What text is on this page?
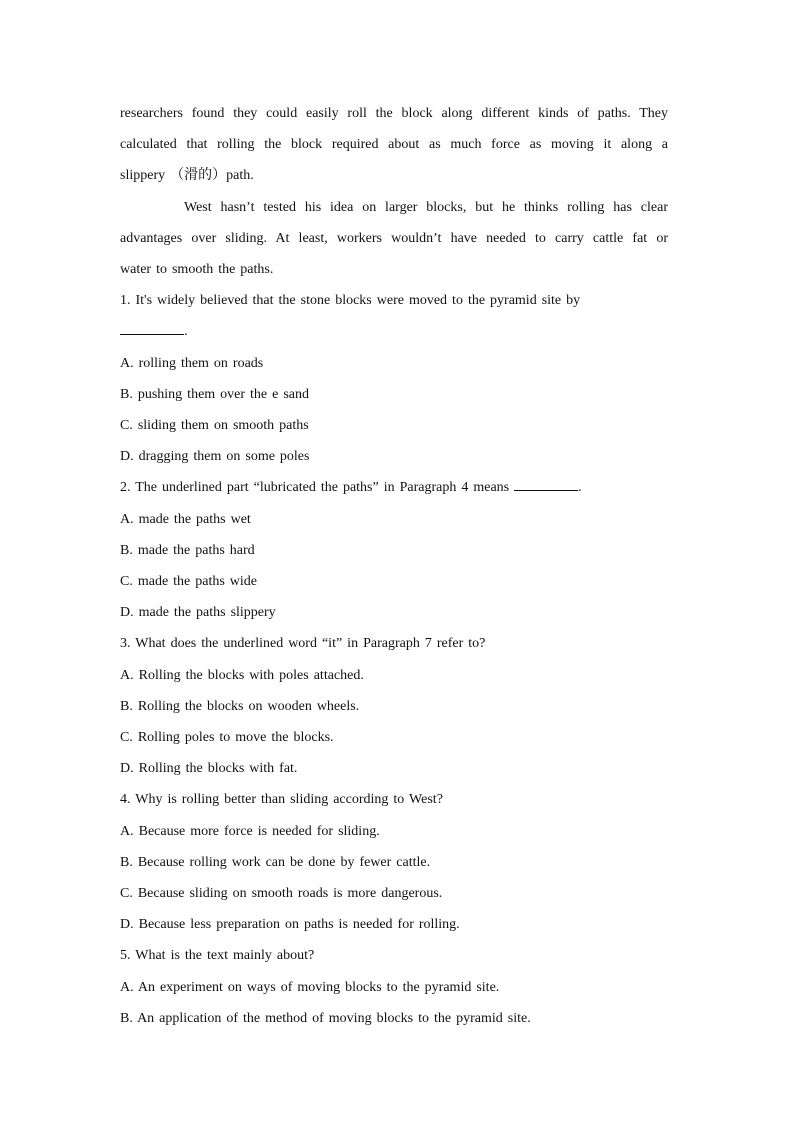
researchers found they could easily roll the block along different kinds of paths. They
calculated that rolling the block required about as much force as moving it along a
slippery （滑的）path.
West hasn’t tested his idea on larger blocks, but he thinks rolling has clear
advantages over sliding. At least, workers wouldn’t have needed to carry cattle fat or
water to smooth the paths.
1. It's widely believed that the stone blocks were moved to the pyramid site by
.
A. rolling them on roads
B. pushing them over the e sand
C. sliding them on smooth paths
D. dragging them on some poles
2. The underlined part “lubricated the paths” in Paragraph 4 means	.
A. made the paths wet
B. made the paths hard
C. made the paths wide
D. made the paths slippery
3. What does the underlined word “it” in Paragraph 7 refer to?
A. Rolling the blocks with poles attached.
B. Rolling the blocks on wooden wheels.
C. Rolling poles to move the blocks.
D. Rolling the blocks with fat.
4. Why is rolling better than sliding according to West?
A. Because more force is needed for sliding.
B. Because rolling work can be done by fewer cattle.
C. Because sliding on smooth roads is more dangerous.
D. Because less preparation on paths is needed for rolling.
5. What is the text mainly about?
A. An experiment on ways of moving blocks to the pyramid site.
B. An application of the method of moving blocks to the pyramid site.
